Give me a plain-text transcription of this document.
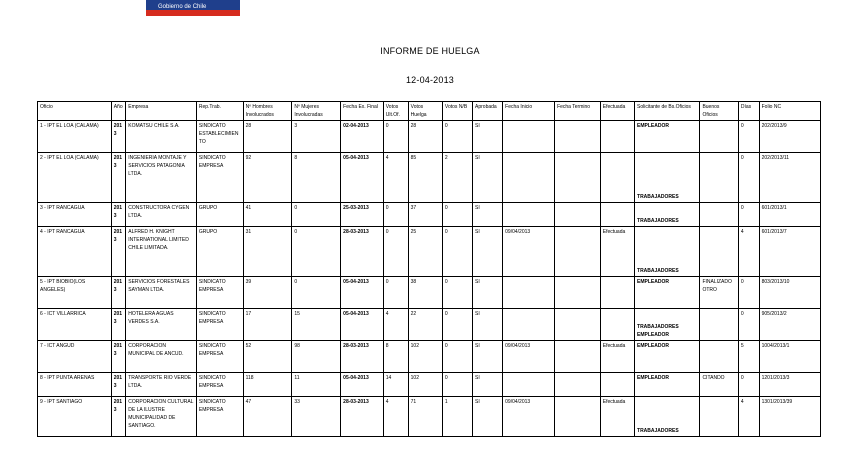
Gobierno de Chile
INFORME DE HUELGA
12-04-2013
Oficio	Año	Empresa	Rep.Trab.	Nº Hombres Involucrados	Nº Mujeres Involucradas	Fecha Ex. Final	Votos Ult.Of.	Votos Huelga	Votos N/B	Aprobada	Fecha Inicio	Fecha Termino	Efectuada	Solicitante de Bs.Oficios	Buenos Oficios	Días	Folio NC
1 - IPT EL LOA (CALAMA)	2013	KOMATSU CHILE S.A.	SINDICATO ESTABLECIMIENTO	28	3	02-04-2013	0	28	0	SI				EMPLEADOR		0	202/2013/9
2 - IPT EL LOA (CALAMA)	2013	INGENIERIA MONTAJE Y SERVICIOS PATAGONIA LTDA.	SINDICATO EMPRESA	92	8	05-04-2013	4	85	2	SI				TRABAJADORES		0	202/2013/11
3 - IPT RANCAGUA	2013	CONSTRUCTORA CYGEN LTDA.	GRUPO	41	0	25-03-2013	0	37	0	SI				TRABAJADORES		0	601/2013/1
4 - IPT RANCAGUA	2013	ALFRED H. KNIGHT INTERNATIONAL LIMITED CHILE LIMITADA.	GRUPO	31	0	28-03-2013	0	25	0	SI	09/04/2013		Efectuada	TRABAJADORES		4	601/2013/7
5 - IPT BIOBIO(LOS ANGELES)	2013	SERVICIOS FORESTALES SAYMAN LTDA.	SINDICATO EMPRESA	39	0	05-04-2013	0	38	0	SI				EMPLEADOR	FINALIZADO OTRO	0	803/2013/10
6 - ICT VILLARRICA	2013	HOTELERA AGUAS VERDES S.A.	SINDICATO EMPRESA	17	15	05-04-2013	4	22	0	SI				TRABAJADORES EMPLEADOR		0	905/2013/2
7 - ICT ANGUD	2013	CORPORACION MUNICIPAL DE ANCUD.	SINDICATO EMPRESA	52	98	28-03-2013	8	102	0	SI	09/04/2013		Efectuada	EMPLEADOR		5	1004/2013/1
8 - IPT PUNTA ARENAS	2013	TRANSPORTE RIO VERDE LTDA.	SINDICATO EMPRESA	118	11	05-04-2013	14	102	0	SI				EMPLEADOR	CITANDO	0	1201/2013/3
9 - IPT SANTIAGO	2013	CORPORACION CULTURAL DE LA ILUSTRE MUNICIPALIDAD DE SANTIAGO.	SINDICATO EMPRESA	47	33	28-03-2013	4	71	1	SI	09/04/2013		Efectuada	TRABAJADORES		4	1301/2013/39
